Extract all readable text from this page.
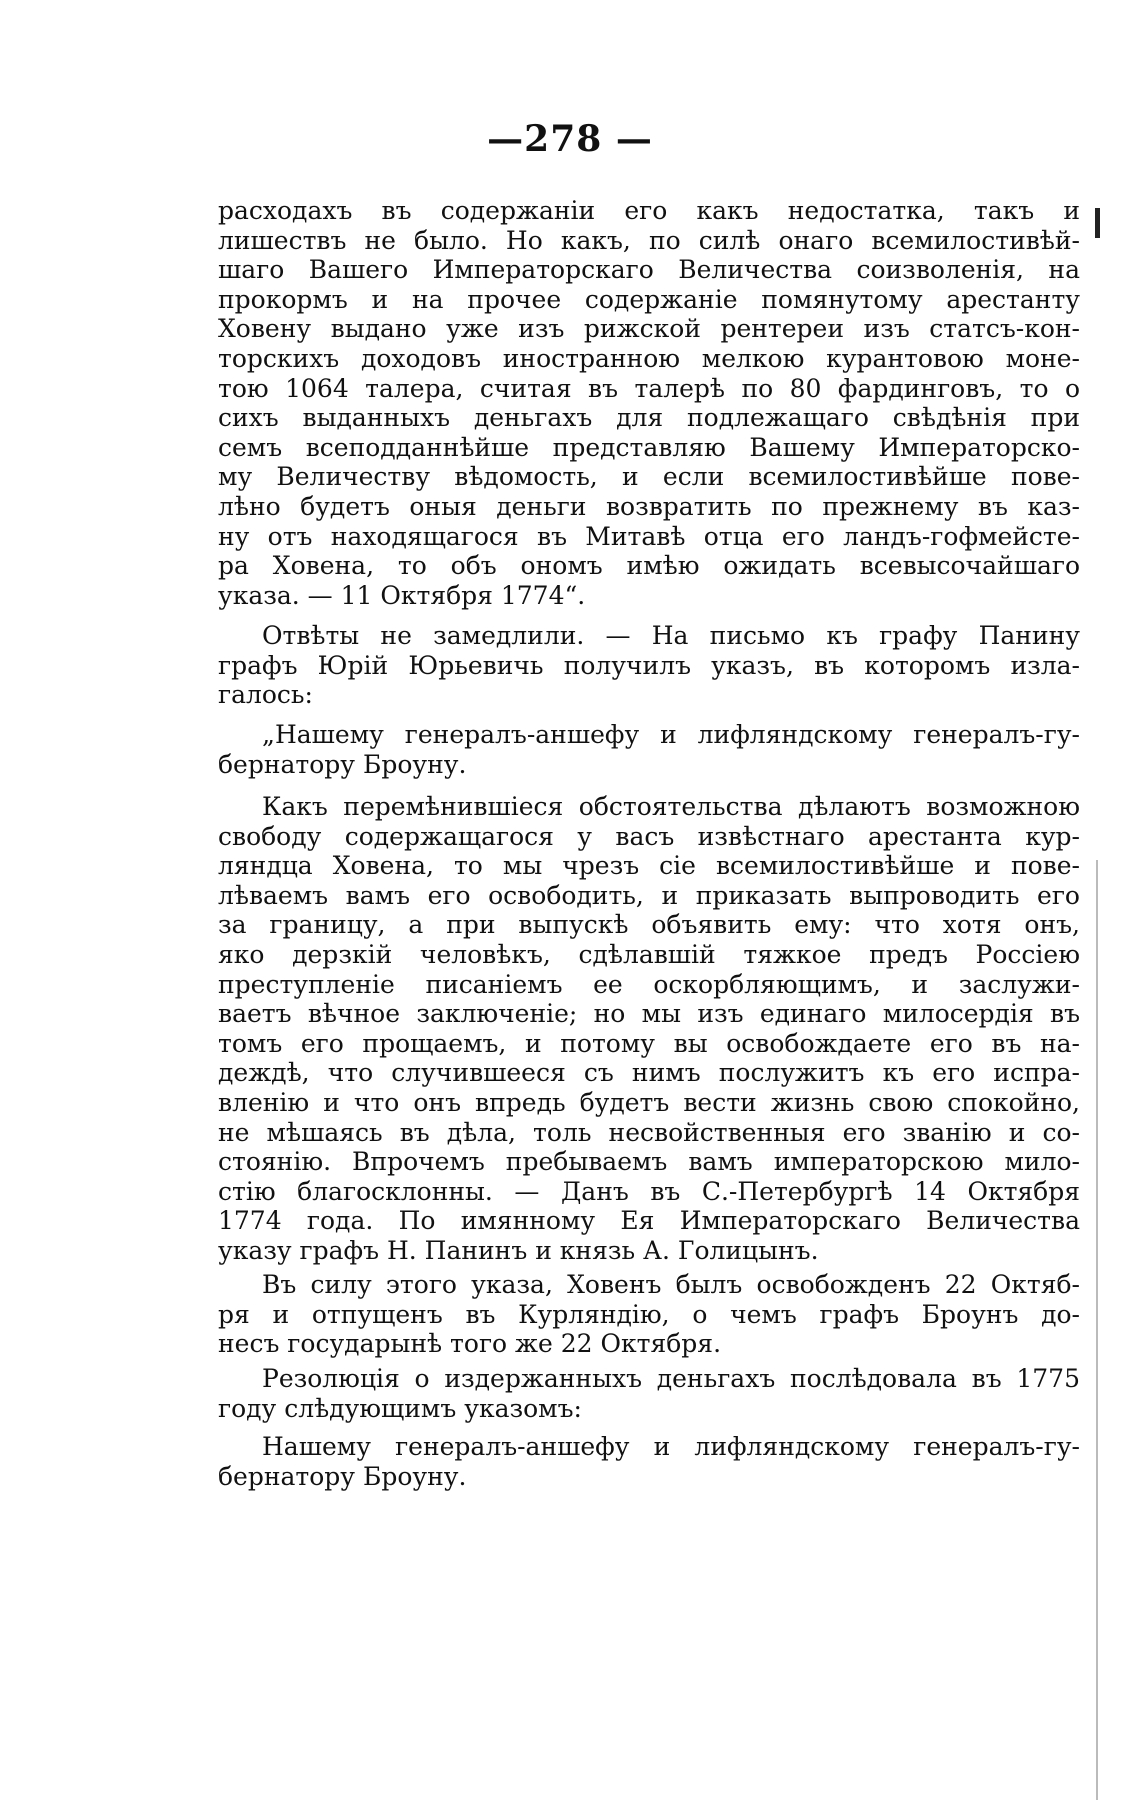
—278 —
расходахъ въ содержаніи его какъ недостатка, такъ и
лишествъ не было. Но какъ, по силѣ онаго всемилостивѣй-
шаго Вашего Императорскаго Величества соизволенія, на
прокормъ и на прочее содержаніе помянутому арестанту
Ховену выдано уже изъ рижской рентереи изъ статсъ-кон-
торскихъ доходовъ иностранною мелкою курантовою моне-
тою 1064 талера, считая въ талерѣ по 80 фардинговъ, то о
сихъ выданныхъ деньгахъ для подлежащаго свѣдѣнія при
семъ всеподданнѣйше представляю Вашему Императорско-
му Величеству вѣдомость, и если всемилостивѣйше пове-
лѣно будетъ оныя деньги возвратить по прежнему въ каз-
ну отъ находящагося въ Митавѣ отца его ландъ-гофмейсте-
ра Ховена, то объ ономъ имѣю ожидать всевысочайшаго
указа. — 11 Октября 1774“.
Отвѣты не замедлили. — На письмо къ графу Панину
графъ Юрій Юрьевичь получилъ указъ, въ которомъ излa-
галось:
„Нашему генералъ-аншефу и лифляндскому генералъ-гу-
бернатору Броуну.
Какъ перемѣнившіеся обстоятельства дѣлаютъ возможною
свободу содержащагося у васъ извѣстнаго арестанта кур-
ляндца Ховена, то мы чрезъ сіе всемилостивѣйше и пове-
лѣваемъ вамъ его освободить, и приказать выпроводить его
за границу, а при выпускѣ объявить ему: что хотя онъ,
яко дерзкій человѣкъ, сдѣлавшій тяжкое предъ Россіею
преступленіе писаніемъ ее оскорбляющимъ, и заслужи-
ваетъ вѣчное заключеніе; но мы изъ единаго милосердія въ
томъ его прощаемъ, и потому вы освобождаете его въ на-
деждѣ, что случившееся съ нимъ послужитъ къ его испра-
вленію и что онъ впредь будетъ вести жизнь свою спокойно,
не мѣшаясь въ дѣла, толь несвойственныя его званію и со-
стоянію. Впрочемъ пребываемъ вамъ императорскою мило-
стію благосклонны. — Данъ въ С.-Петербургѣ 14 Октября
1774 года. По имянному Ея Императорскаго Величества
указу графъ Н. Панинъ и князь А. Голицынъ.
Въ силу этого указа, Ховенъ былъ освобожденъ 22 Октяб-
ря и отпущенъ въ Курляндію, о чемъ графъ Броунъ до-
несъ государынѣ того же 22 Октября.
Резолюція о издержанныхъ деньгахъ послѣдовала въ 1775
году слѣдующимъ указомъ:
Нашему генералъ-аншефу и лифляндскому генералъ-гу-
бернатору Броуну.
